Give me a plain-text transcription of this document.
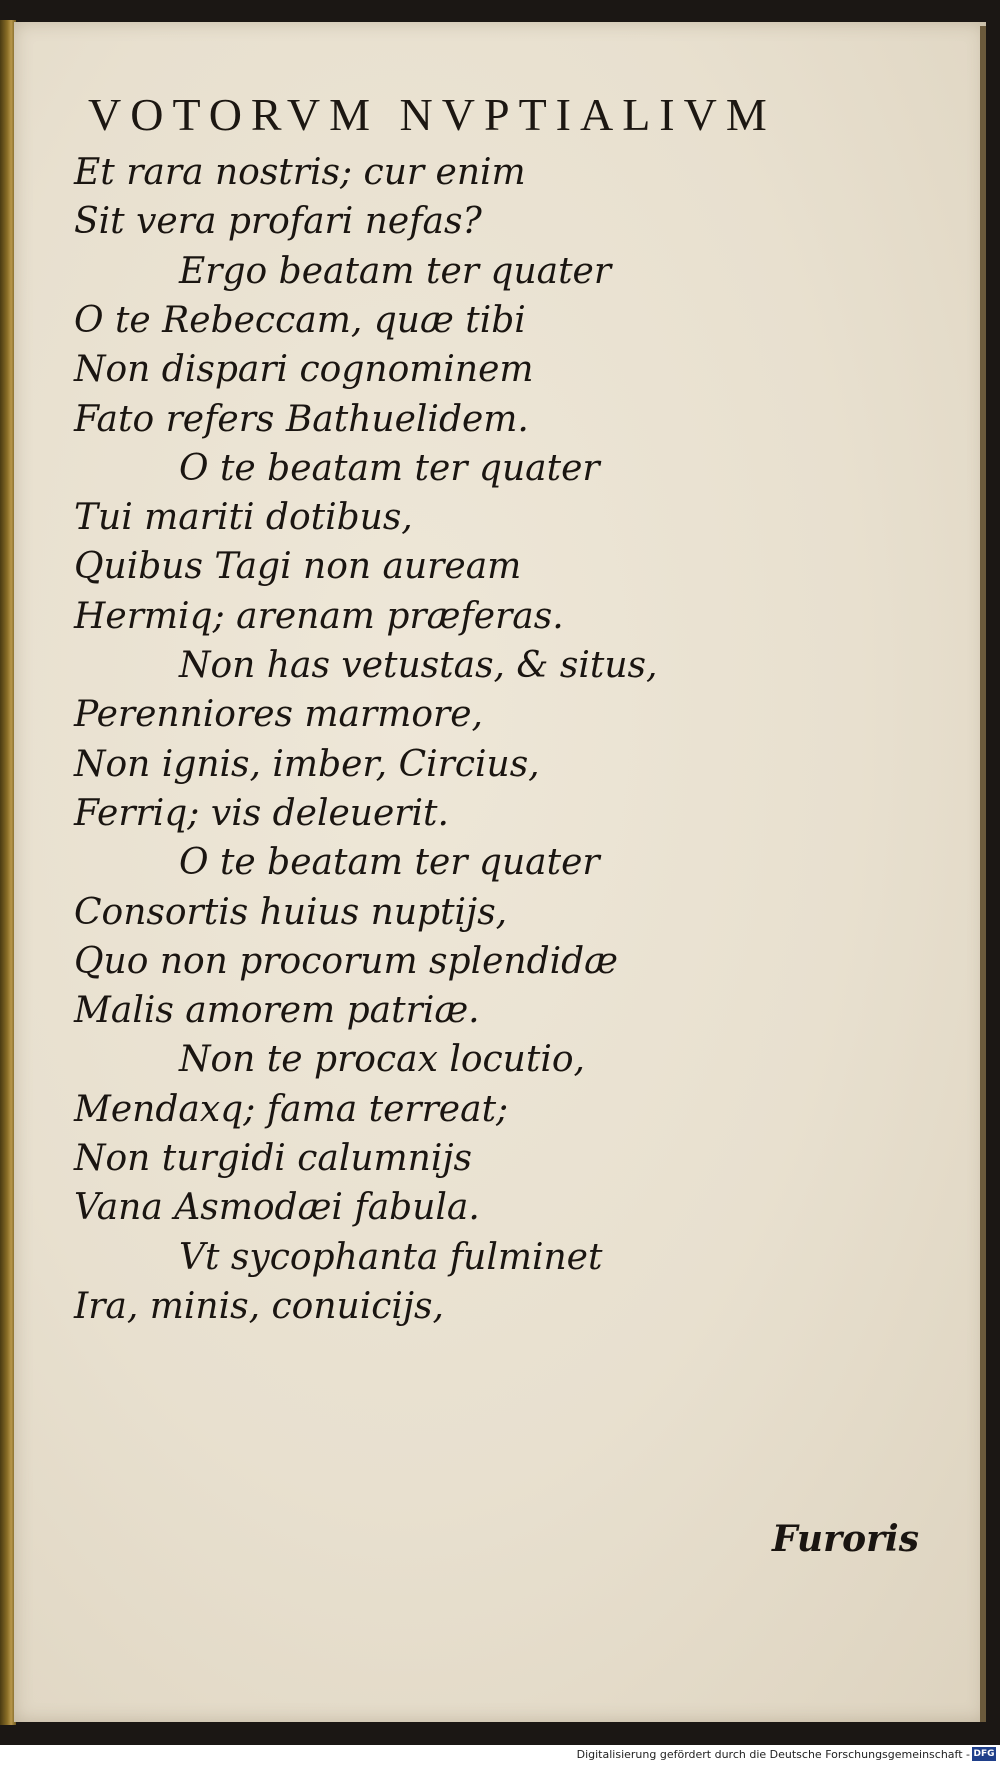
VOTORVM NVPTIALIVM
Et rara nostris; cur enim
Sit vera profari nefas?
Ergo beatam ter quater
O te Rebeccam, quæ tibi
Non dispari cognominem
Fato refers Bathuelidem.
O te beatam ter quater
Tui mariti dotibus,
Quibus Tagi non auream
Hermiq; arenam præferas.
Non has vetustas, & situs,
Perenniores marmore,
Non ignis, imber, Circius,
Ferriq; vis deleuerit.
O te beatam ter quater
Consortis huius nuptijs,
Quo non procorum splendidæ
Malis amorem patriæ.
Non te procax locutio,
Mendaxq; fama terreat;
Non turgidi calumnijs
Vana Asmodæi fabula.
Vt sycophanta fulminet
Ira, minis, conuicijs,
Furoris
Digitalisierung gefördert durch die Deutsche Forschungsgemeinschaft - DFG
